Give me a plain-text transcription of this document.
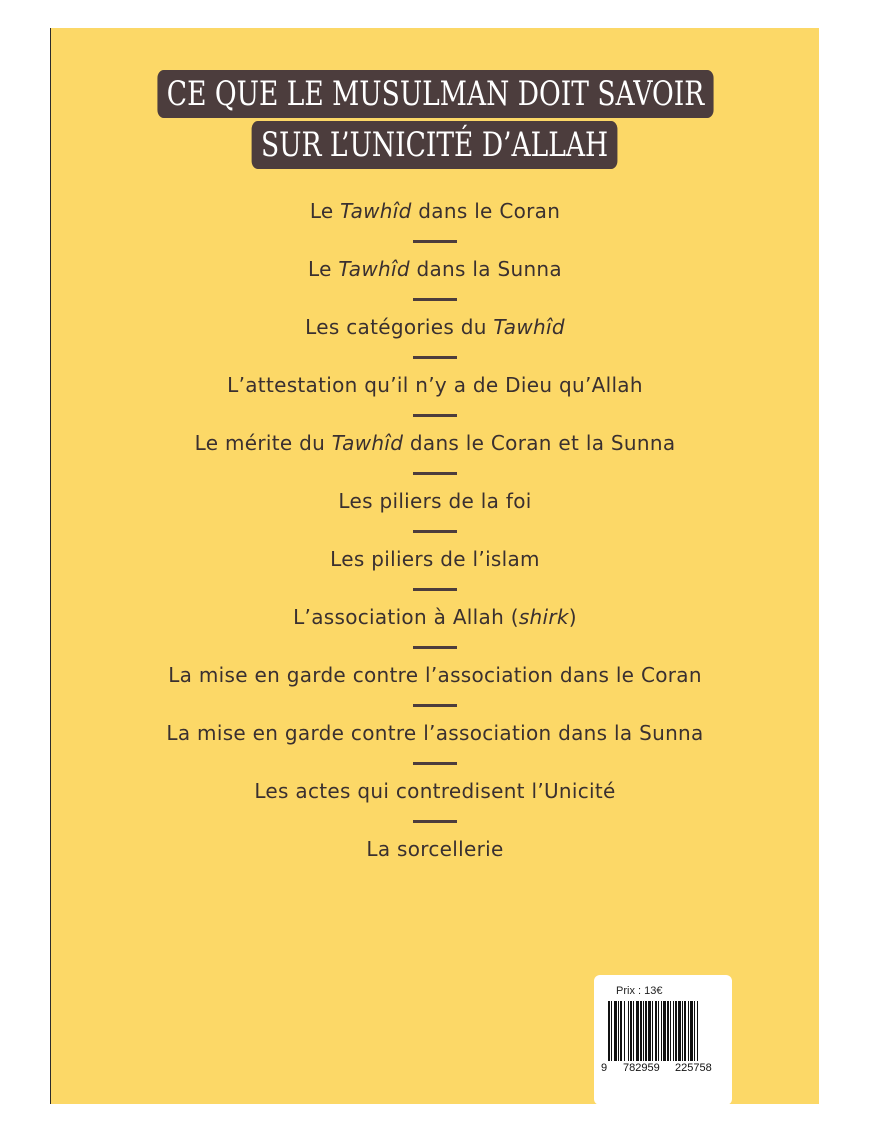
CE QUE LE MUSULMAN DOIT SAVOIR
SUR L’UNICITÉ D’ALLAH
Le Tawhîd dans le Coran
Le Tawhîd dans la Sunna
Les catégories du Tawhîd
L’attestation qu’il n’y a de Dieu qu’Allah
Le mérite du Tawhîd dans le Coran et la Sunna
Les piliers de la foi
Les piliers de l’islam
L’association à Allah (shirk)
La mise en garde contre l’association dans le Coran
La mise en garde contre l’association dans la Sunna
Les actes qui contredisent l’Unicité
La sorcellerie
Prix : 13€
9 782959 225758
